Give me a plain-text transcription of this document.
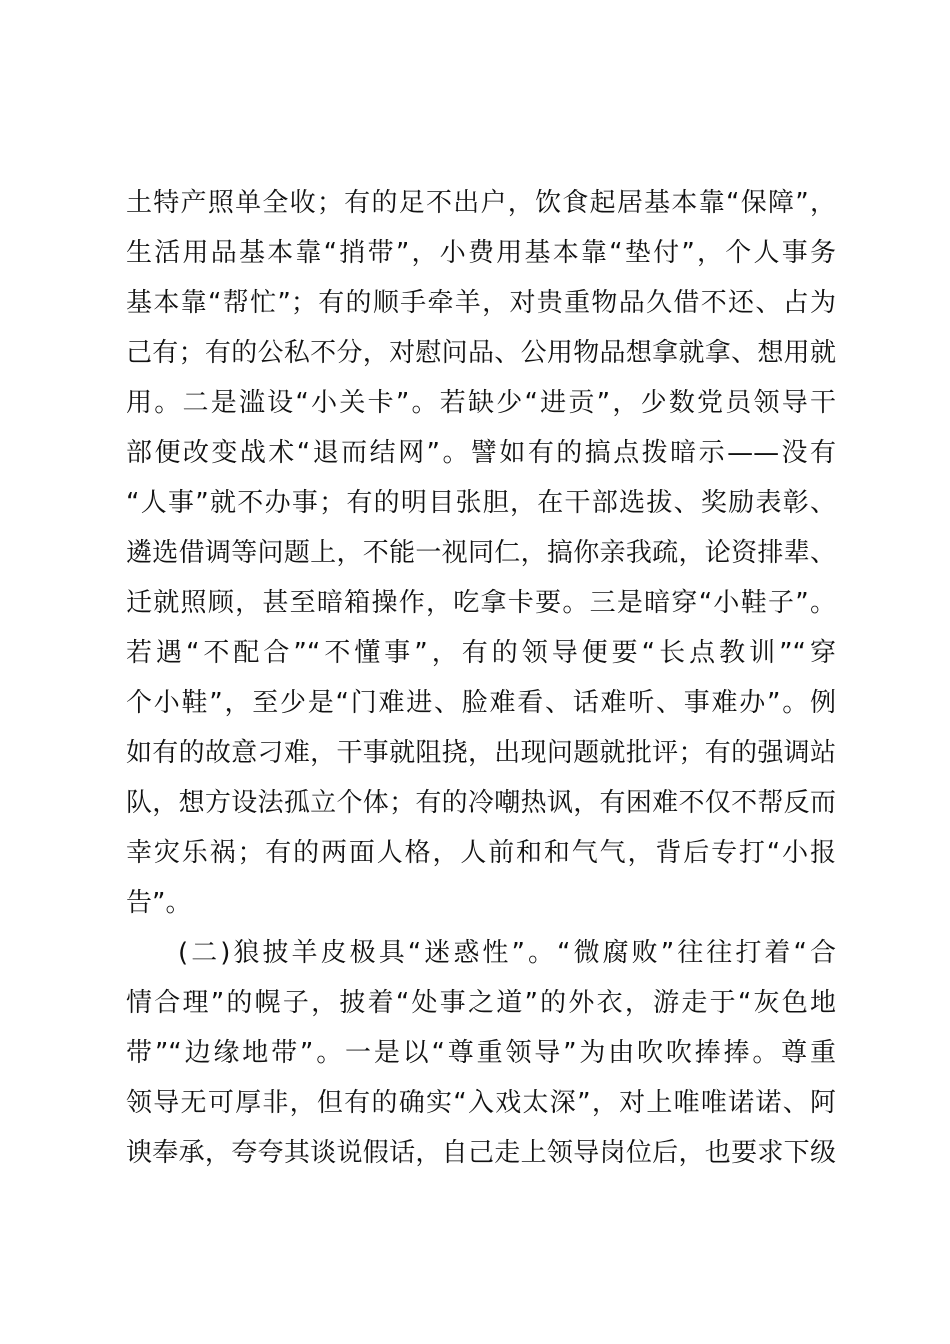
土特产照单全收；有的足不出户，饮食起居基本靠“保障”，
生活用品基本靠“捎带”，小费用基本靠“垫付”，个人事务
基本靠“帮忙”；有的顺手牵羊，对贵重物品久借不还、占为
己有；有的公私不分，对慰问品、公用物品想拿就拿、想用就
用。二是滥设“小关卡”。若缺少“进贡”，少数党员领导干
部便改变战术“退而结网”。譬如有的搞点拨暗示——没有
“人事”就不办事；有的明目张胆，在干部选拔、奖励表彰、
遴选借调等问题上，不能一视同仁，搞你亲我疏，论资排辈、
迁就照顾，甚至暗箱操作，吃拿卡要。三是暗穿“小鞋子”。
若遇“不配合”“不懂事”，有的领导便要“长点教训”“穿
个小鞋”，至少是“门难进、脸难看、话难听、事难办”。例
如有的故意刁难，干事就阻挠，出现问题就批评；有的强调站
队，想方设法孤立个体；有的冷嘲热讽，有困难不仅不帮反而
幸灾乐祸；有的两面人格，人前和和气气，背后专打“小报
告”。
(二)狼披羊皮极具“迷惑性”。“微腐败”往往打着“合
情合理”的幌子，披着“处事之道”的外衣，游走于“灰色地
带”“边缘地带”。一是以“尊重领导”为由吹吹捧捧。尊重
领导无可厚非，但有的确实“入戏太深”，对上唯唯诺诺、阿
谀奉承，夸夸其谈说假话，自己走上领导岗位后，也要求下级
